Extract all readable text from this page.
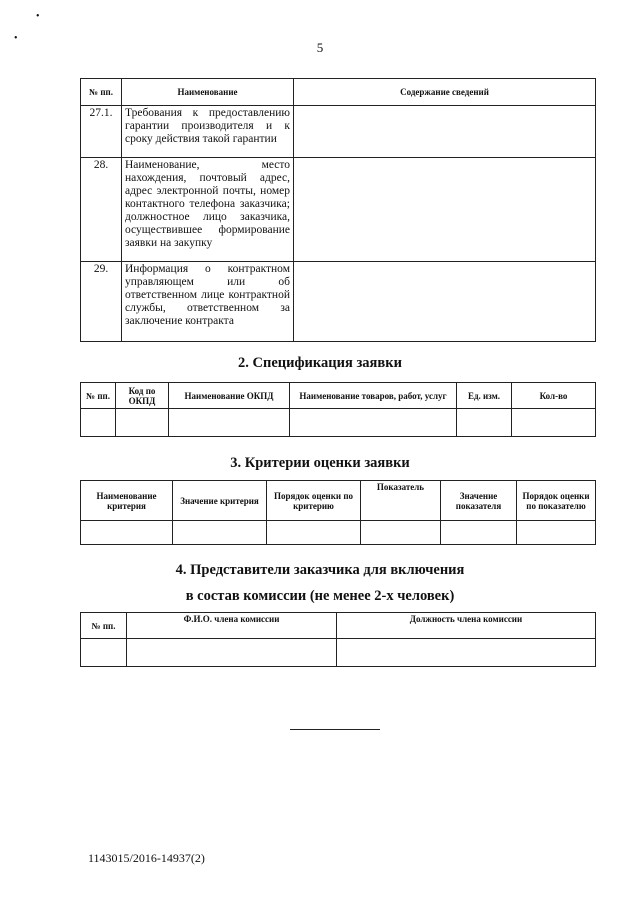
•
•
5
№ пп.	Наименование	Содержание сведений
27.1.	Требования к предоставлению гарантии производителя и к сроку действия такой гарантии	
28.	Наименование, место нахождения, почтовый адрес, адрес электронной почты, номер контактного телефона заказчика; должностное лицо заказчика, осуществившее формирование заявки на закупку	
29.	Информация о контрактном управляющем или об ответственном лице контрактной службы, ответственном за заключение контракта	
2. Спецификация заявки
№ пп.	Код по ОКПД	Наименование ОКПД	Наименование товаров, работ, услуг	Ед. изм.	Кол-во

3. Критерии оценки заявки
Наименование критерия	Значение критерия	Порядок оценки по критерию	Показатель	Значение показателя	Порядок оценки по показателю

4. Представители заказчика для включения
в состав комиссии (не менее 2-х человек)
№ пп.	Ф.И.О. члена комиссии	Должность члена комиссии

1143015/2016-14937(2)
